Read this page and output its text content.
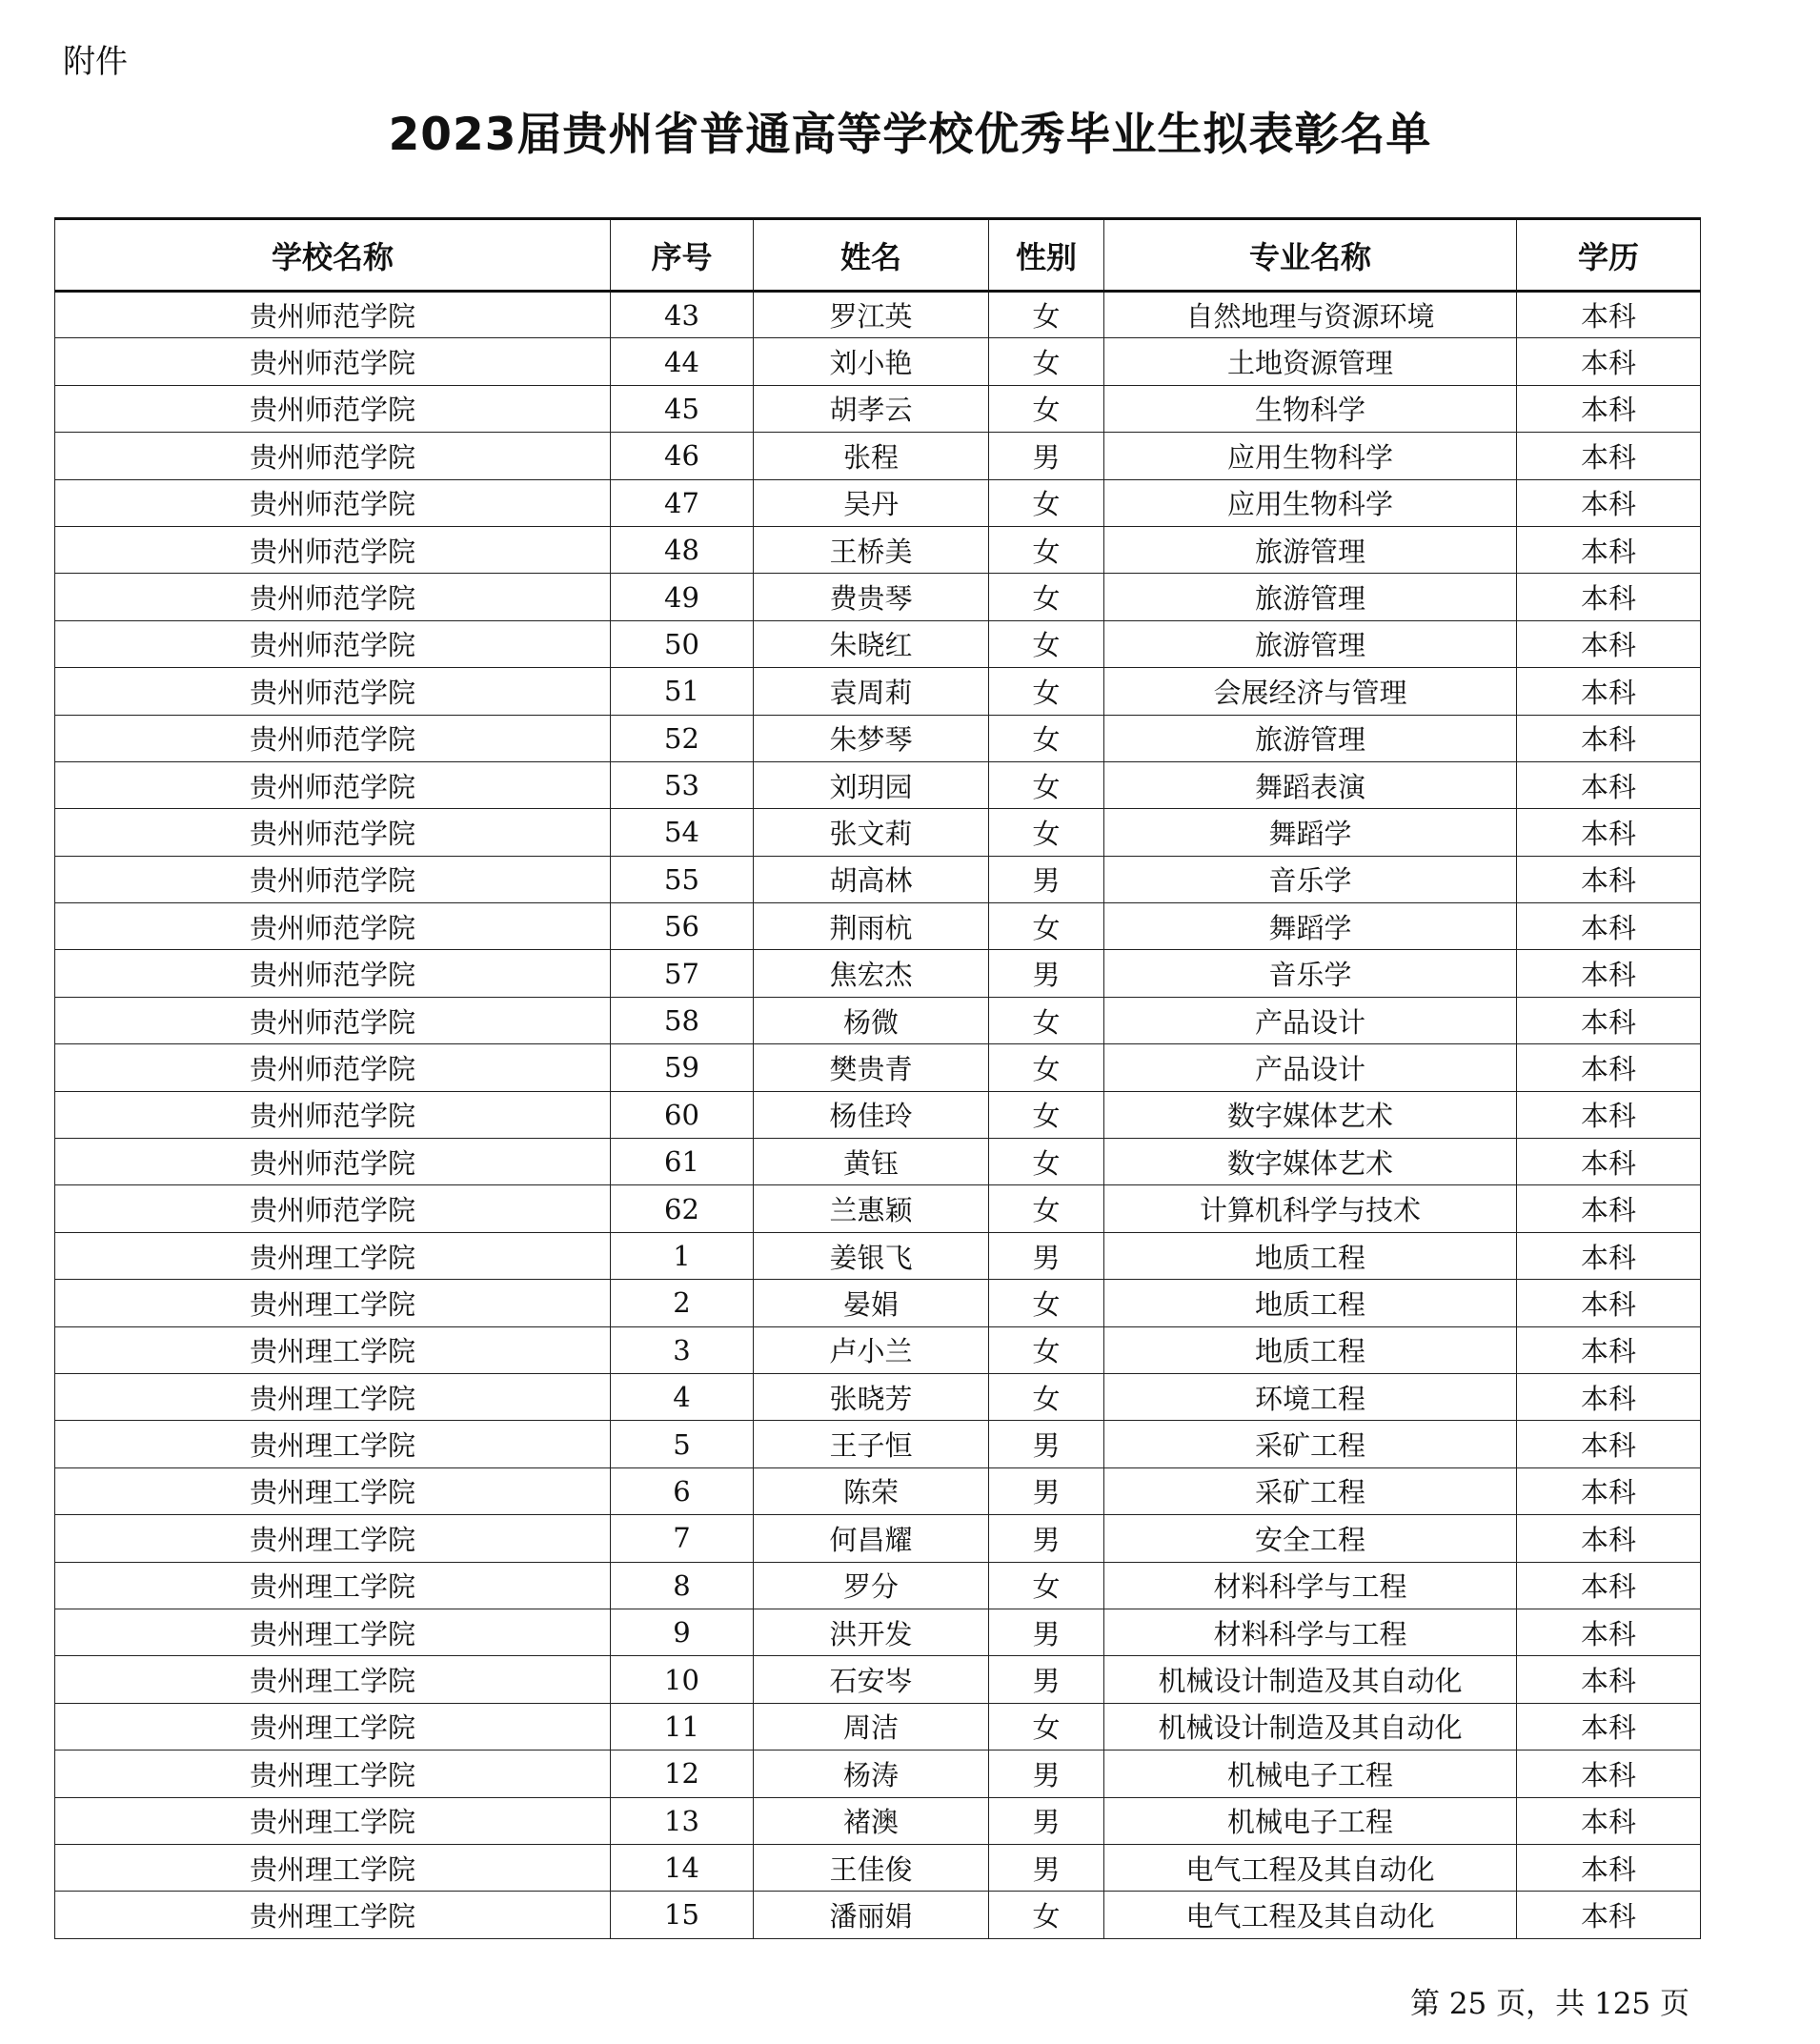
附件
2023届贵州省普通高等学校优秀毕业生拟表彰名单
学校名称	序号	姓名	性别	专业名称	学历
贵州师范学院	43	罗江英	女	自然地理与资源环境	本科
贵州师范学院	44	刘小艳	女	土地资源管理	本科
贵州师范学院	45	胡孝云	女	生物科学	本科
贵州师范学院	46	张程	男	应用生物科学	本科
贵州师范学院	47	吴丹	女	应用生物科学	本科
贵州师范学院	48	王桥美	女	旅游管理	本科
贵州师范学院	49	费贵琴	女	旅游管理	本科
贵州师范学院	50	朱晓红	女	旅游管理	本科
贵州师范学院	51	袁周莉	女	会展经济与管理	本科
贵州师范学院	52	朱梦琴	女	旅游管理	本科
贵州师范学院	53	刘玥园	女	舞蹈表演	本科
贵州师范学院	54	张文莉	女	舞蹈学	本科
贵州师范学院	55	胡高林	男	音乐学	本科
贵州师范学院	56	荆雨杭	女	舞蹈学	本科
贵州师范学院	57	焦宏杰	男	音乐学	本科
贵州师范学院	58	杨微	女	产品设计	本科
贵州师范学院	59	樊贵青	女	产品设计	本科
贵州师范学院	60	杨佳玲	女	数字媒体艺术	本科
贵州师范学院	61	黄钰	女	数字媒体艺术	本科
贵州师范学院	62	兰惠颖	女	计算机科学与技术	本科
贵州理工学院	1	姜银飞	男	地质工程	本科
贵州理工学院	2	晏娟	女	地质工程	本科
贵州理工学院	3	卢小兰	女	地质工程	本科
贵州理工学院	4	张晓芳	女	环境工程	本科
贵州理工学院	5	王子恒	男	采矿工程	本科
贵州理工学院	6	陈荣	男	采矿工程	本科
贵州理工学院	7	何昌耀	男	安全工程	本科
贵州理工学院	8	罗分	女	材料科学与工程	本科
贵州理工学院	9	洪开发	男	材料科学与工程	本科
贵州理工学院	10	石安岑	男	机械设计制造及其自动化	本科
贵州理工学院	11	周洁	女	机械设计制造及其自动化	本科
贵州理工学院	12	杨涛	男	机械电子工程	本科
贵州理工学院	13	褚澳	男	机械电子工程	本科
贵州理工学院	14	王佳俊	男	电气工程及其自动化	本科
贵州理工学院	15	潘丽娟	女	电气工程及其自动化	本科
第 25 页，共 125 页
